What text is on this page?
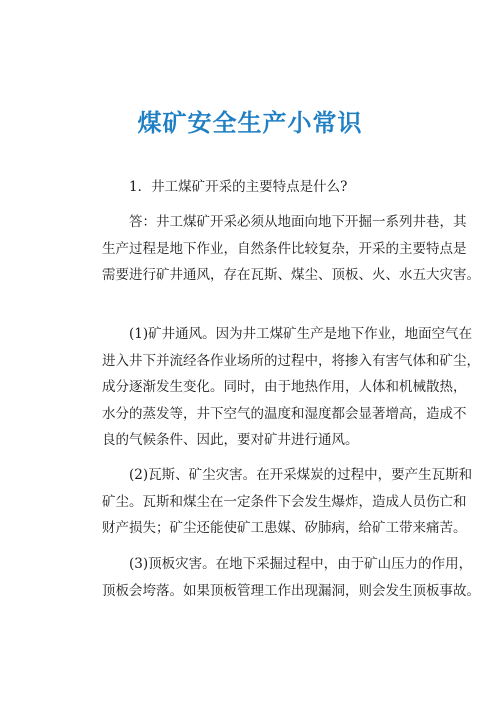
煤矿安全生产小常识

1．井工煤矿开采的主要特点是什么?

答：井工煤矿开采必须从地面向地下开掘一系列井巷，其
生产过程是地下作业，自然条件比较复杂，开采的主要特点是
需要进行矿井通风，存在瓦斯、煤尘、顶板、火、水五大灾害。

(1)矿井通风。因为井工煤矿生产是地下作业，地面空气在
进入井下并流经各作业场所的过程中，将掺入有害气体和矿尘，
成分逐渐发生变化。同时，由于地热作用，人体和机械散热，
水分的蒸发等，井下空气的温度和湿度都会显著增高，造成不
良的气候条件、因此，要对矿井进行通风。

(2)瓦斯、矿尘灾害。在开采煤炭的过程中，要产生瓦斯和
矿尘。瓦斯和煤尘在一定条件下会发生爆炸，造成人员伤亡和
财产损失；矿尘还能使矿工患媒、矽肺病，给矿工带来痛苦。

(3)顶板灾害。在地下采掘过程中，由于矿山压力的作用，
顶板会垮落。如果顶板管理工作出现漏洞，则会发生顶板事故。
